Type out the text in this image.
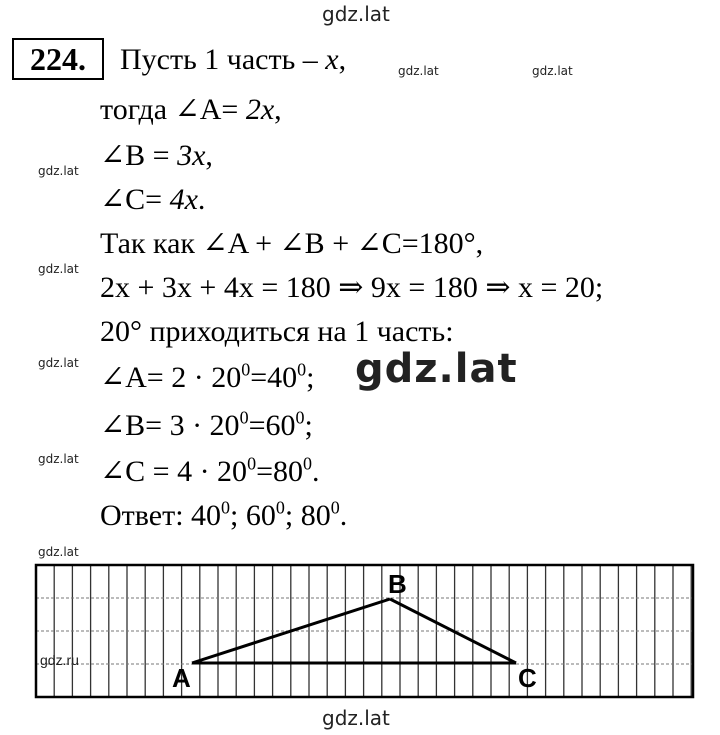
gdz.lat
gdz.lat	gdz.lat
gdz.lat
gdz.lat
gdz.lat
gdz.lat
gdz.lat
gdz.lat
gdz.lat
224.	Пусть 1 часть – x,
тогда ∠A= 2x,
∠B = 3x,
∠C= 4x.
Так как ∠A + ∠B + ∠C=180°,
2x + 3x + 4x = 180 ⇒ 9x = 180 ⇒ x = 20;
20° приходиться на 1 часть:
∠A= $2 \cdot 20^0=40^0$;
∠B= $3 \cdot 20^0=60^0$;
∠C = $4 \cdot 20^0=80^0$.
Ответ: $40^0$; $60^0$; $80^0$.
A
B
C
gdz.ru
